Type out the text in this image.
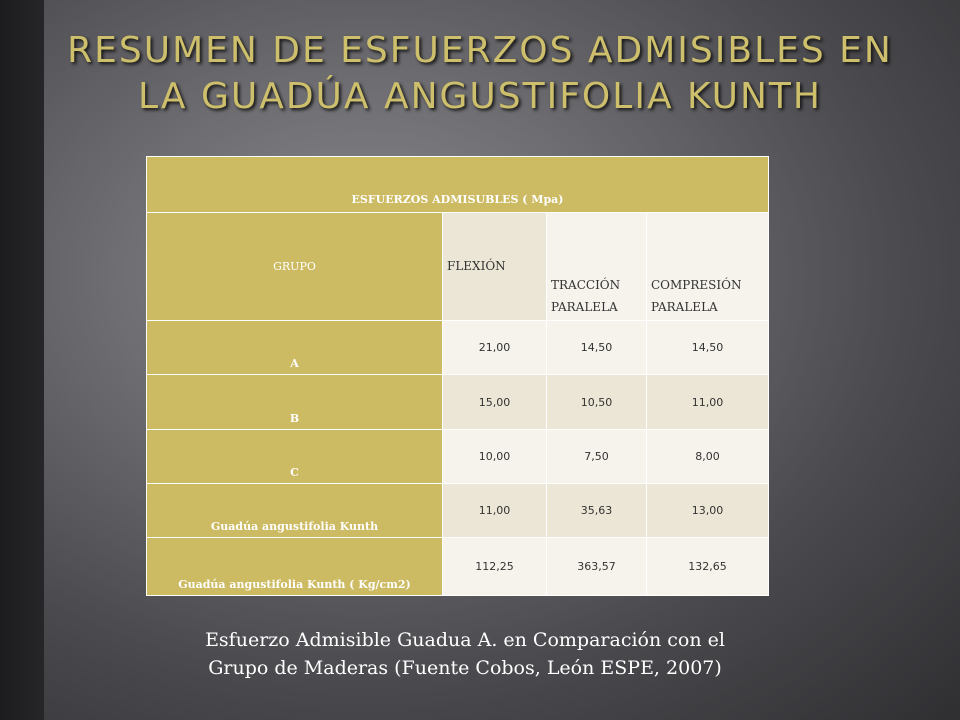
RESUMEN DE ESFUERZOS ADMISIBLES EN LA GUADÚA ANGUSTIFOLIA KUNTH
ESFUERZOS ADMISUBLES ( Mpa)			
GRUPO	FLEXIÓN	TRACCIÓN PARALELA	COMPRESIÓN PARALELA
A	21,00	14,50	14,50
B	15,00	10,50	11,00
C	10,00	7,50	8,00
Guadúa angustifolia Kunth	11,00	35,63	13,00
Guadúa angustifolia Kunth ( Kg/cm2)	112,25	363,57	132,65
Esfuerzo Admisible Guadua A. en Comparación con el
Grupo de Maderas (Fuente Cobos, León ESPE, 2007)
